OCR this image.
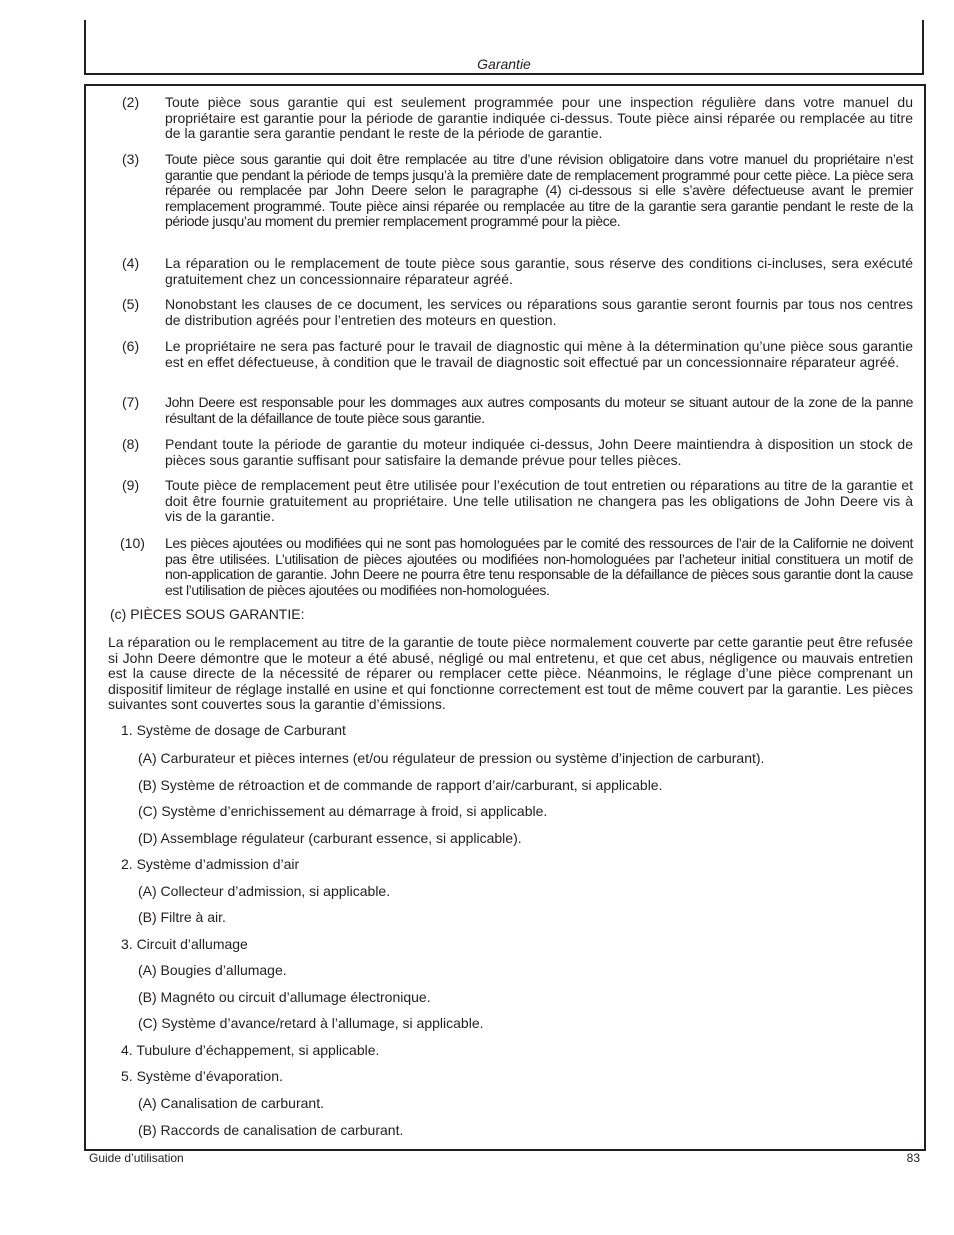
Garantie
(2) Toute pièce sous garantie qui est seulement programmée pour une inspection régulière dans votre manuel du propriétaire est garantie pour la période de garantie indiquée ci-dessus. Toute pièce ainsi réparée ou remplacée au titre de la garantie sera garantie pendant le reste de la période de garantie.
(3) Toute pièce sous garantie qui doit être remplacée au titre d’une révision obligatoire dans votre manuel du propriétaire n’est garantie que pendant la période de temps jusqu’à la première date de remplacement programmé pour cette pièce. La pièce sera réparée ou remplacée par John Deere selon le paragraphe (4) ci-dessous si elle s’avère défectueuse avant le premier remplacement programmé. Toute pièce ainsi réparée ou remplacée au titre de la garantie sera garantie pendant le reste de la période jusqu’au moment du premier remplacement programmé pour la pièce.
(4) La réparation ou le remplacement de toute pièce sous garantie, sous réserve des conditions ci-incluses, sera exécuté gratuitement chez un concessionnaire réparateur agréé.
(5) Nonobstant les clauses de ce document, les services ou réparations sous garantie seront fournis par tous nos centres de distribution agréés pour l’entretien des moteurs en question.
(6) Le propriétaire ne sera pas facturé pour le travail de diagnostic qui mène à la détermination qu’une pièce sous garantie est en effet défectueuse, à condition que le travail de diagnostic soit effectué par un concessionnaire réparateur agréé.
(7) John Deere est responsable pour les dommages aux autres composants du moteur se situant autour de la zone de la panne résultant de la défaillance de toute pièce sous garantie.
(8) Pendant toute la période de garantie du moteur indiquée ci-dessus, John Deere maintiendra à disposition un stock de pièces sous garantie suffisant pour satisfaire la demande prévue pour telles pièces.
(9) Toute pièce de remplacement peut être utilisée pour l’exécution de tout entretien ou réparations au titre de la garantie et doit être fournie gratuitement au propriétaire. Une telle utilisation ne changera pas les obligations de John Deere vis à vis de la garantie.
(10) Les pièces ajoutées ou modifiées qui ne sont pas homologuées par le comité des ressources de l’air de la Californie ne doivent pas être utilisées. L’utilisation de pièces ajoutées ou modifiées non-homologuées par l’acheteur initial constituera un motif de non-application de garantie. John Deere ne pourra être tenu responsable de la défaillance de pièces sous garantie dont la cause est l’utilisation de pièces ajoutées ou modifiées non-homologuées.
(c) PIÈCES SOUS GARANTIE:
La réparation ou le remplacement au titre de la garantie de toute pièce normalement couverte par cette garantie peut être refusée si John Deere démontre que le moteur a été abusé, négligé ou mal entretenu, et que cet abus, négligence ou mauvais entretien est la cause directe de la nécessité de réparer ou remplacer cette pièce. Néanmoins, le réglage d’une pièce comprenant un dispositif limiteur de réglage installé en usine et qui fonctionne correctement est tout de même couvert par la garantie. Les pièces suivantes sont couvertes sous la garantie d’émissions.
1. Système de dosage de Carburant
(A) Carburateur et pièces internes (et/ou régulateur de pression ou système d’injection de carburant).
(B) Système de rétroaction et de commande de rapport d’air/carburant, si applicable.
(C) Système d’enrichissement au démarrage à froid, si applicable.
(D) Assemblage régulateur (carburant essence, si applicable).
2. Système d’admission d’air
(A) Collecteur d’admission, si applicable.
(B) Filtre à air.
3. Circuit d’allumage
(A) Bougies d’allumage.
(B) Magnéto ou circuit d’allumage électronique.
(C) Système d’avance/retard à l’allumage, si applicable.
4. Tubulure d’échappement, si applicable.
5. Système d’évaporation.
(A) Canalisation de carburant.
(B) Raccords de canalisation de carburant.
Guide d’utilisation	83
